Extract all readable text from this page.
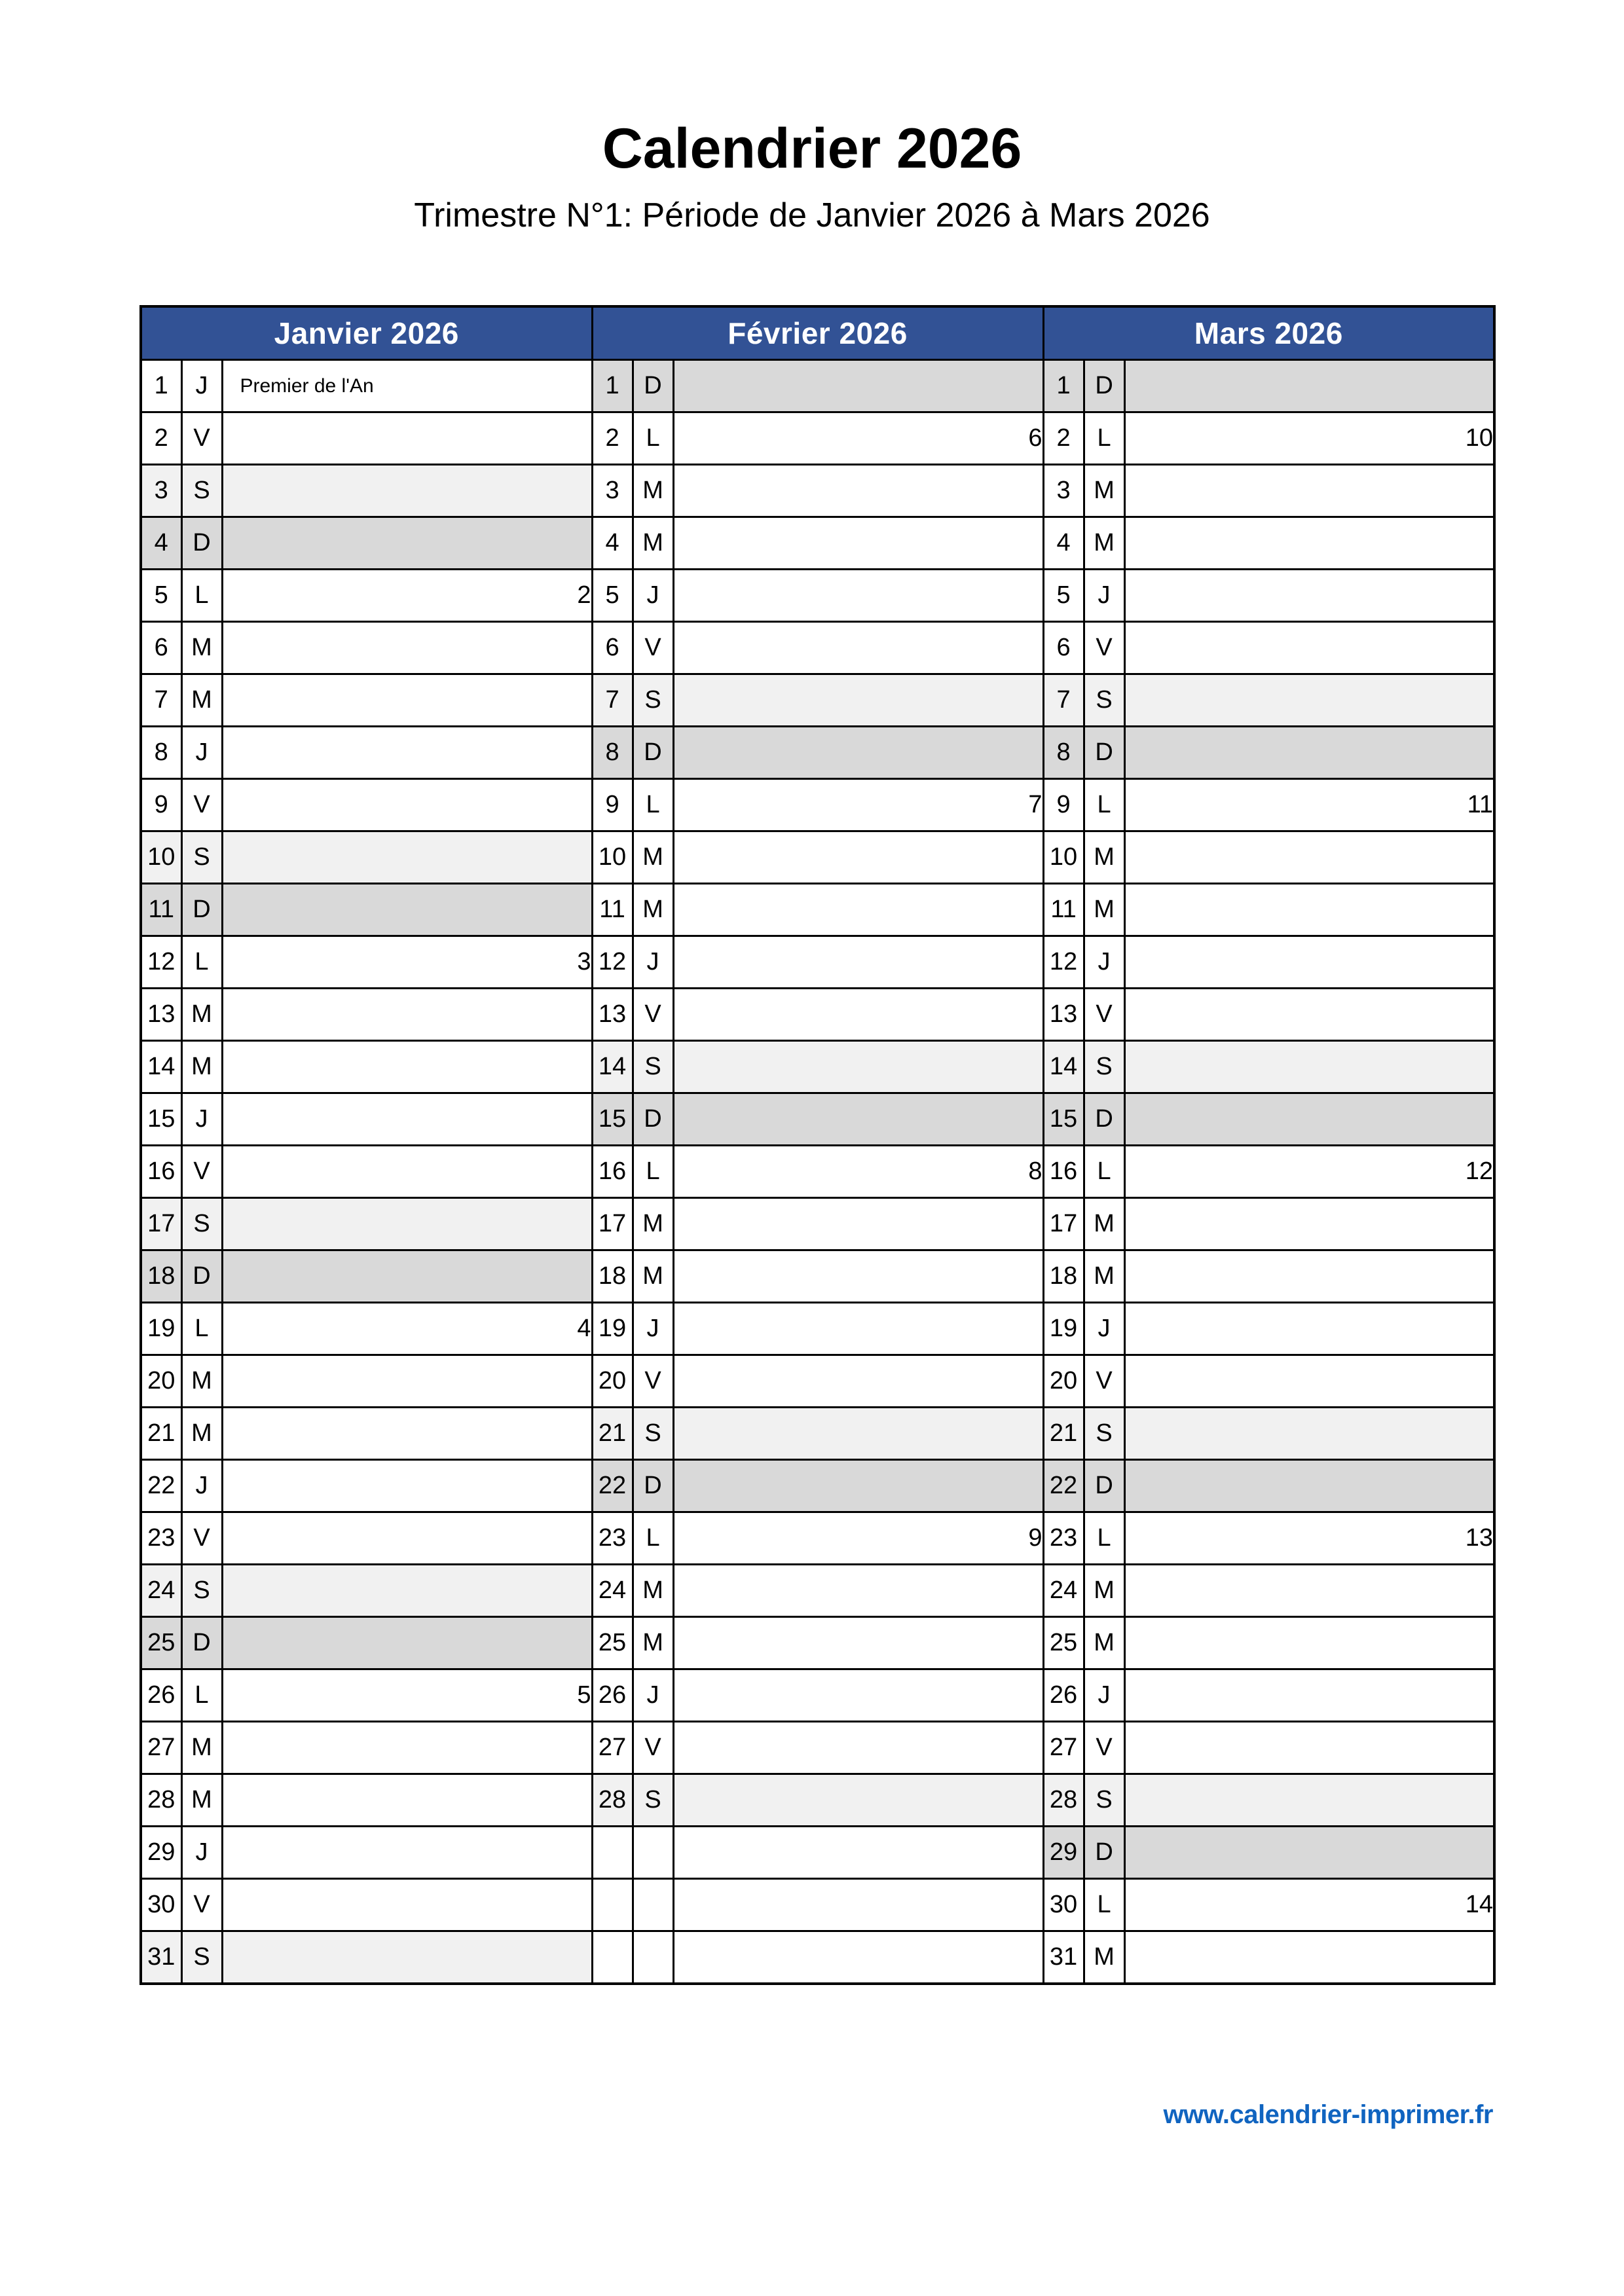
Calendrier 2026
Trimestre N°1: Période de Janvier 2026 à Mars 2026
Janvier 2026			Février 2026			Mars 2026		
1	J	Premier de l'An	1	D		1	D	
2	V		2	L	6	2	L	10
3	S		3	M		3	M	
4	D		4	M		4	M	
5	L	2	5	J		5	J	
6	M		6	V		6	V	
7	M		7	S		7	S	
8	J		8	D		8	D	
9	V		9	L	7	9	L	11
10	S		10	M		10	M	
11	D		11	M		11	M	
12	L	3	12	J		12	J	
13	M		13	V		13	V	
14	M		14	S		14	S	
15	J		15	D		15	D	
16	V		16	L	8	16	L	12
17	S		17	M		17	M	
18	D		18	M		18	M	
19	L	4	19	J		19	J	
20	M		20	V		20	V	
21	M		21	S		21	S	
22	J		22	D		22	D	
23	V		23	L	9	23	L	13
24	S		24	M		24	M	
25	D		25	M		25	M	
26	L	5	26	J		26	J	
27	M		27	V		27	V	
28	M		28	S		28	S	
29	J					29	D	
30	V					30	L	14
31	S					31	M	
www.calendrier-imprimer.fr
